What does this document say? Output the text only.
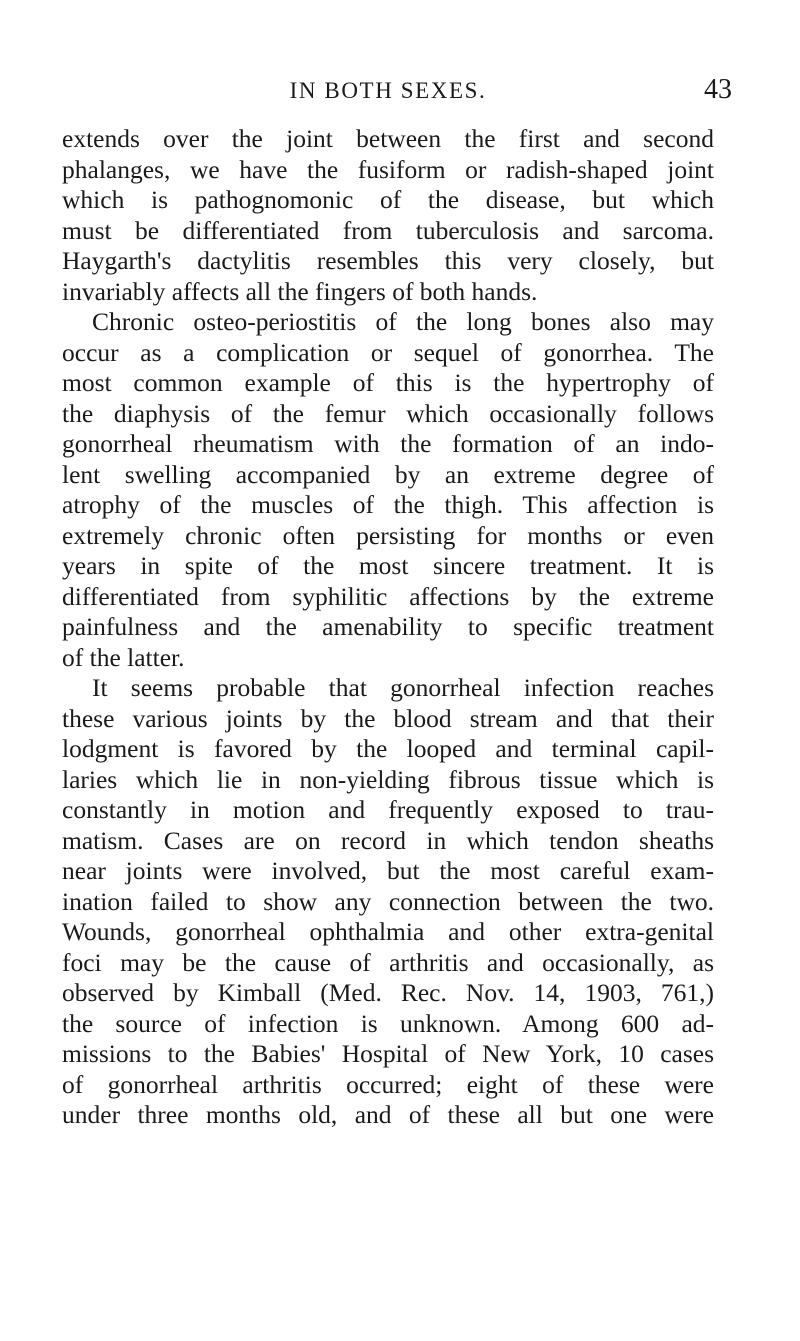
IN BOTH SEXES.	43
extends over the joint between the first and second
phalanges, we have the fusiform or radish-shaped joint
which is pathognomonic of the disease, but which
must be differentiated from tuberculosis and sarcoma.
Haygarth's dactylitis resembles this very closely, but
invariably affects all the fingers of both hands.
Chronic osteo-periostitis of the long bones also may
occur as a complication or sequel of gonorrhea. The
most common example of this is the hypertrophy of
the diaphysis of the femur which occasionally follows
gonorrheal rheumatism with the formation of an indo-
lent swelling accompanied by an extreme degree of
atrophy of the muscles of the thigh. This affection is
extremely chronic often persisting for months or even
years in spite of the most sincere treatment. It is
differentiated from syphilitic affections by the extreme
painfulness and the amenability to specific treatment
of the latter.
It seems probable that gonorrheal infection reaches
these various joints by the blood stream and that their
lodgment is favored by the looped and terminal capil-
laries which lie in non-yielding fibrous tissue which is
constantly in motion and frequently exposed to trau-
matism. Cases are on record in which tendon sheaths
near joints were involved, but the most careful exam-
ination failed to show any connection between the two.
Wounds, gonorrheal ophthalmia and other extra-genital
foci may be the cause of arthritis and occasionally, as
observed by Kimball (Med. Rec. Nov. 14, 1903, 761,)
the source of infection is unknown. Among 600 ad-
missions to the Babies' Hospital of New York, 10 cases
of gonorrheal arthritis occurred; eight of these were
under three months old, and of these all but one were
